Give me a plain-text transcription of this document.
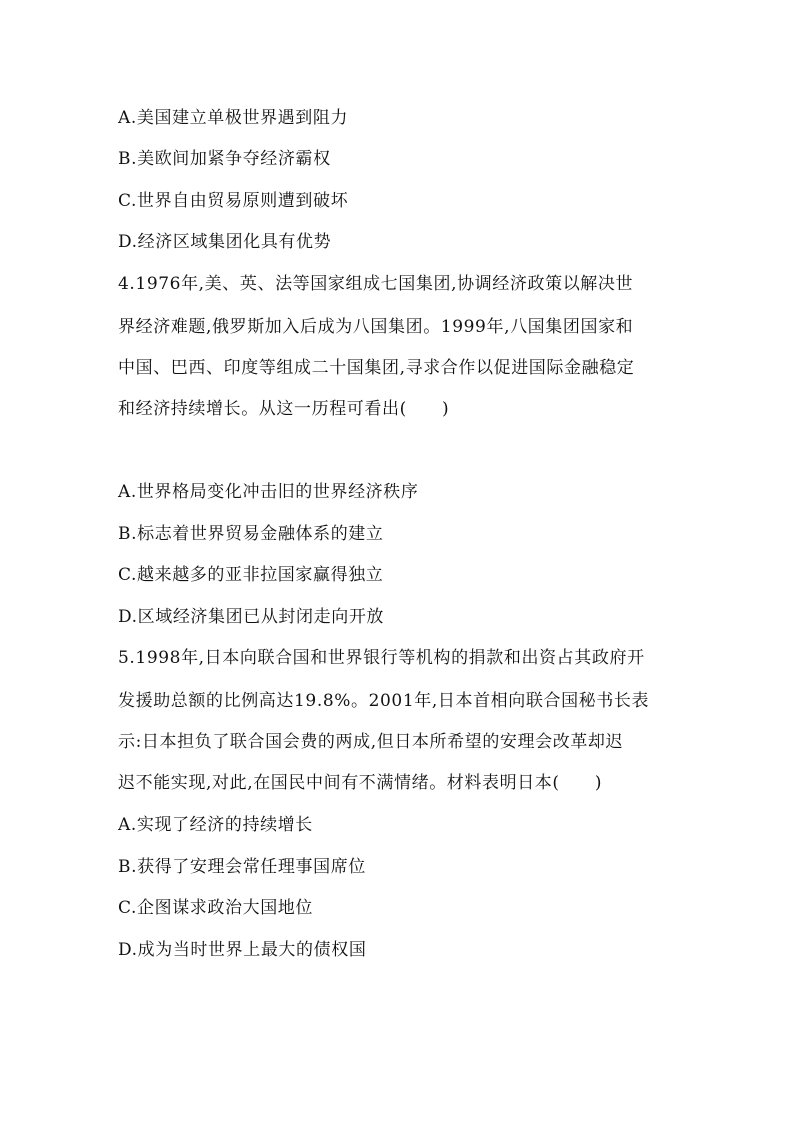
A.美国建立单极世界遇到阻力
B.美欧间加紧争夺经济霸权
C.世界自由贸易原则遭到破坏
D.经济区域集团化具有优势
4.1976年,美、英、法等国家组成七国集团,协调经济政策以解决世
界经济难题,俄罗斯加入后成为八国集团。1999年,八国集团国家和
中国、巴西、印度等组成二十国集团,寻求合作以促进国际金融稳定
和经济持续增长。从这一历程可看出(　　)
A.世界格局变化冲击旧的世界经济秩序
B.标志着世界贸易金融体系的建立
C.越来越多的亚非拉国家赢得独立
D.区域经济集团已从封闭走向开放
5.1998年,日本向联合国和世界银行等机构的捐款和出资占其政府开
发援助总额的比例高达19.8%。2001年,日本首相向联合国秘书长表
示:日本担负了联合国会费的两成,但日本所希望的安理会改革却迟
迟不能实现,对此,在国民中间有不满情绪。材料表明日本(　　)
A.实现了经济的持续增长
B.获得了安理会常任理事国席位
C.企图谋求政治大国地位
D.成为当时世界上最大的债权国
